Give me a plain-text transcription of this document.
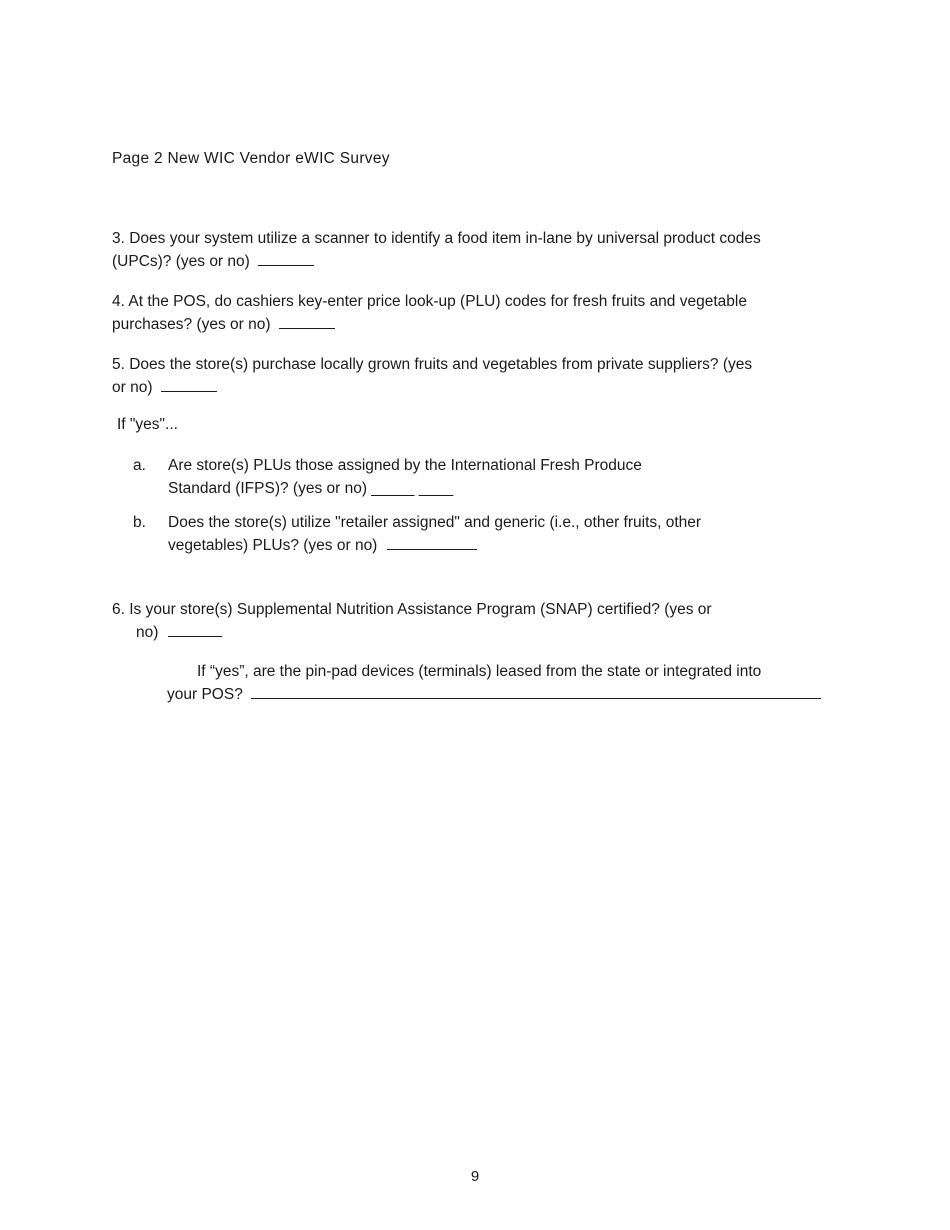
Page 2 New WIC Vendor eWIC Survey
3. Does your system utilize a scanner to identify a food item in-lane by universal product codes
(UPCs)? (yes or no)
4. At the POS, do cashiers key-enter price look-up (PLU) codes for fresh fruits and vegetable
purchases? (yes or no)
5. Does the store(s) purchase locally grown fruits and vegetables from private suppliers? (yes
or no)
If "yes"...
a. Are store(s) PLUs those assigned by the International Fresh Produce
Standard (IFPS)? (yes or no) _____ ____
b. Does the store(s) utilize "retailer assigned" and generic (i.e., other fruits, other
vegetables) PLUs? (yes or no)
6. Is your store(s) Supplemental Nutrition Assistance Program (SNAP) certified? (yes or
no)
If “yes”, are the pin-pad devices (terminals) leased from the state or integrated into
your POS?
9
